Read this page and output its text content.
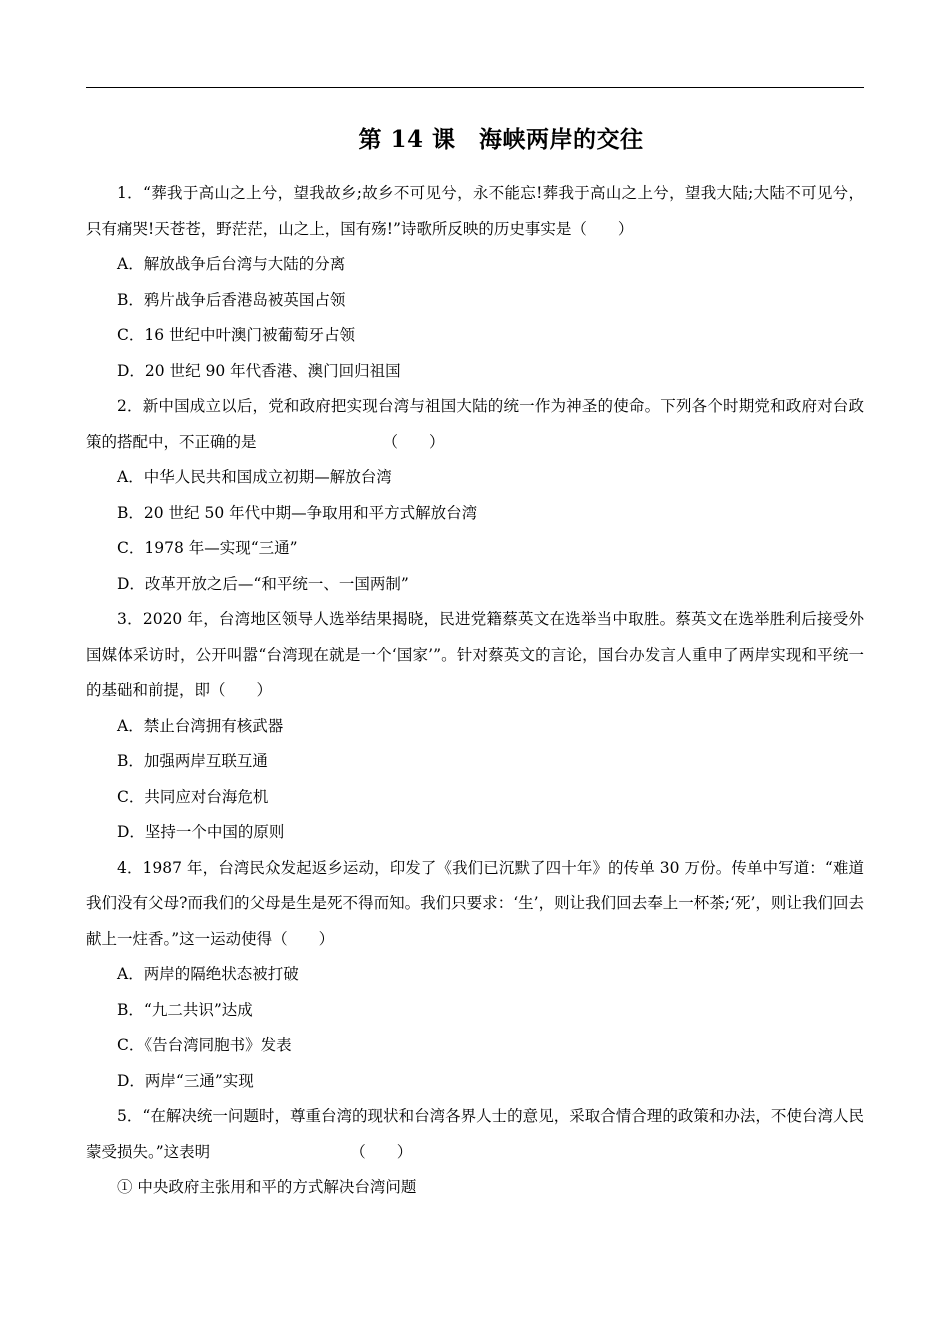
第 14 课　海峡两岸的交往

1．“葬我于高山之上兮，望我故乡;故乡不可见兮，永不能忘!葬我于高山之上兮，望我大陆;大陆不可见兮，只有痛哭!天苍苍，野茫茫，山之上，国有殇!”诗歌所反映的历史事实是（　　）

A．解放战争后台湾与大陆的分离

B．鸦片战争后香港岛被英国占领

C．16 世纪中叶澳门被葡萄牙占领

D．20 世纪 90 年代香港、澳门回归祖国

2．新中国成立以后，党和政府把实现台湾与祖国大陆的统一作为神圣的使命。下列各个时期党和政府对台政策的搭配中，不正确的是	（　　）

A．中华人民共和国成立初期—解放台湾

B．20 世纪 50 年代中期—争取用和平方式解放台湾

C．1978 年—实现“三通”

D．改革开放之后—“和平统一、一国两制”

3．2020 年，台湾地区领导人选举结果揭晓，民进党籍蔡英文在选举当中取胜。蔡英文在选举胜利后接受外国媒体采访时，公开叫嚣“台湾现在就是一个‘国家’”。针对蔡英文的言论，国台办发言人重申了两岸实现和平统一的基础和前提，即（　　）

A．禁止台湾拥有核武器

B．加强两岸互联互通

C．共同应对台海危机

D．坚持一个中国的原则

4．1987 年，台湾民众发起返乡运动，印发了《我们已沉默了四十年》的传单 30 万份。传单中写道：“难道我们没有父母?而我们的父母是生是死不得而知。我们只要求：‘生’，则让我们回去奉上一杯茶;‘死’，则让我们回去献上一炷香。”这一运动使得（　　）

A．两岸的隔绝状态被打破

B．“九二共识”达成

C．《告台湾同胞书》发表

D．两岸“三通”实现

5．“在解决统一问题时，尊重台湾的现状和台湾各界人士的意见，采取合情合理的政策和办法，不使台湾人民蒙受损失。”这表明	（　　）

① 中央政府主张用和平的方式解决台湾问题
